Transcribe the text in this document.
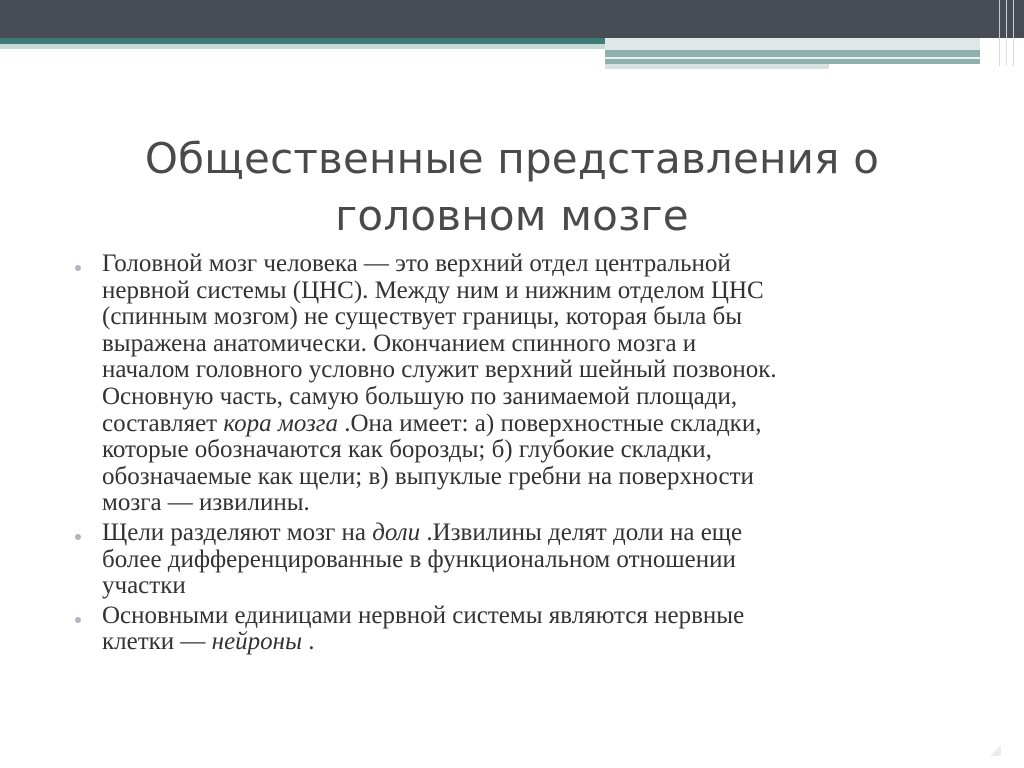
Общественные представления о
головном мозге
Головной мозг человека — это верхний отдел центральной
нервной системы (ЦНС). Между ним и нижним отделом ЦНС
(спинным мозгом) не существует границы, которая была бы
выражена анатомически. Окончанием спинного мозга и
началом головного условно служит верхний шейный позвонок.
Основную часть, самую большую по занимаемой площади,
составляет кора мозга .Она имеет: а) поверхностные складки,
которые обозначаются как борозды; б) глубокие складки,
обозначаемые как щели; в) выпуклые гребни на поверхности
мозга — извилины.
Щели разделяют мозг на доли .Извилины делят доли на еще
более дифференцированные в функциональном отношении
участки
Основными единицами нервной системы являются нервные
клетки — нейроны .
